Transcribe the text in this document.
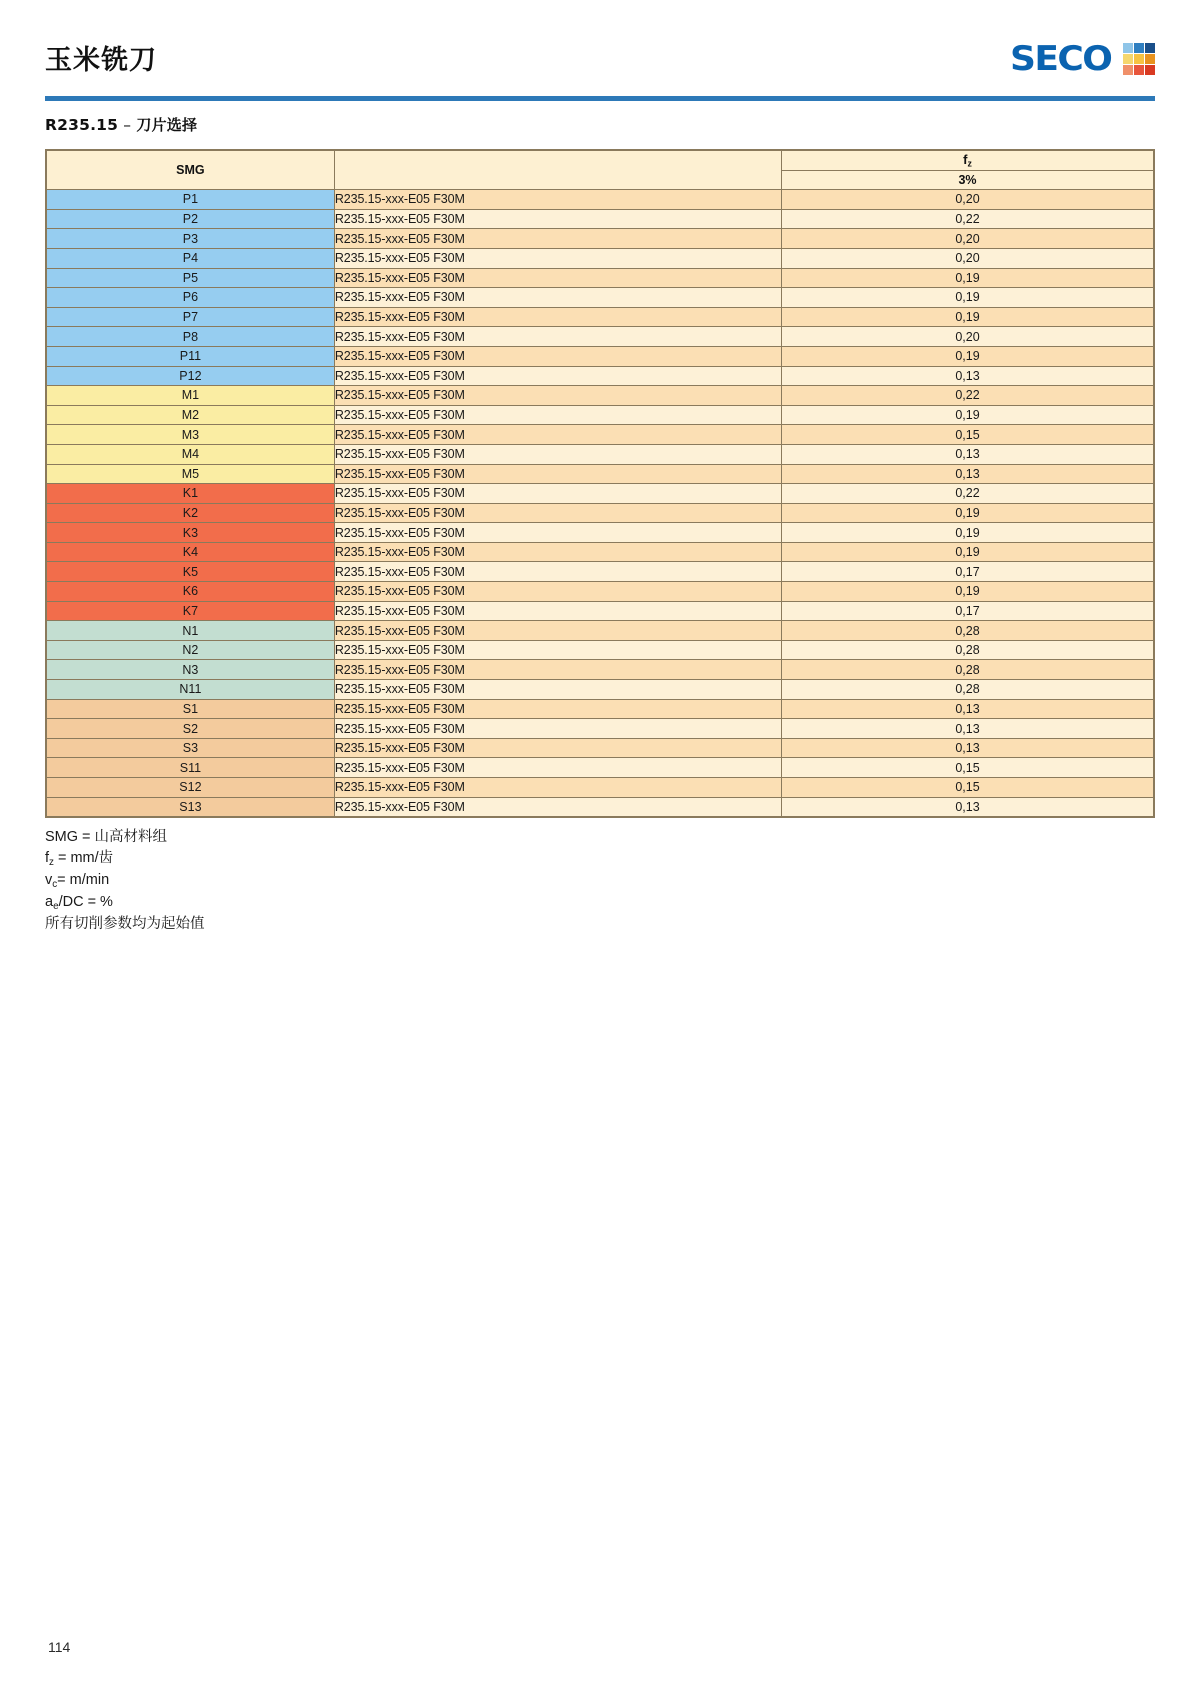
玉米铣刀	SECO
R235.15 – 刀片选择
SMG		$f_z$
		3%
P1	R235.15-xxx-E05 F30M	0,20
P2	R235.15-xxx-E05 F30M	0,22
P3	R235.15-xxx-E05 F30M	0,20
P4	R235.15-xxx-E05 F30M	0,20
P5	R235.15-xxx-E05 F30M	0,19
P6	R235.15-xxx-E05 F30M	0,19
P7	R235.15-xxx-E05 F30M	0,19
P8	R235.15-xxx-E05 F30M	0,20
P11	R235.15-xxx-E05 F30M	0,19
P12	R235.15-xxx-E05 F30M	0,13
M1	R235.15-xxx-E05 F30M	0,22
M2	R235.15-xxx-E05 F30M	0,19
M3	R235.15-xxx-E05 F30M	0,15
M4	R235.15-xxx-E05 F30M	0,13
M5	R235.15-xxx-E05 F30M	0,13
K1	R235.15-xxx-E05 F30M	0,22
K2	R235.15-xxx-E05 F30M	0,19
K3	R235.15-xxx-E05 F30M	0,19
K4	R235.15-xxx-E05 F30M	0,19
K5	R235.15-xxx-E05 F30M	0,17
K6	R235.15-xxx-E05 F30M	0,19
K7	R235.15-xxx-E05 F30M	0,17
N1	R235.15-xxx-E05 F30M	0,28
N2	R235.15-xxx-E05 F30M	0,28
N3	R235.15-xxx-E05 F30M	0,28
N11	R235.15-xxx-E05 F30M	0,28
S1	R235.15-xxx-E05 F30M	0,13
S2	R235.15-xxx-E05 F30M	0,13
S3	R235.15-xxx-E05 F30M	0,13
S11	R235.15-xxx-E05 F30M	0,15
S12	R235.15-xxx-E05 F30M	0,15
S13	R235.15-xxx-E05 F30M	0,13
SMG = 山高材料组
$f_z = mm/$齿
$v_c= m/\min$
$a_e/DC$ = %
所有切削参数均为起始值
114
